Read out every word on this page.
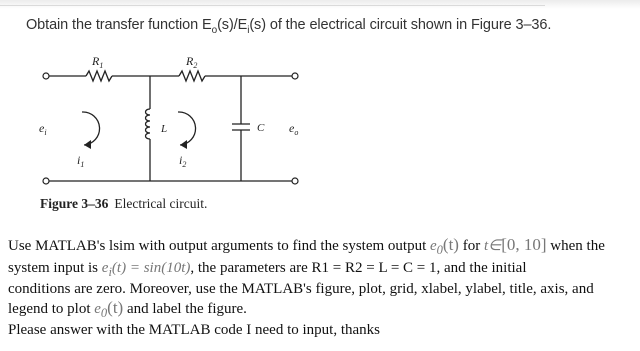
Obtain the transfer function $E_o(s)/E_i(s)$ of the electrical circuit shown in Figure 3–36.
$R_1$	$R_2$
L	C
$e_i$	$e_o$
$i_1$	$i_2$
Figure 3–36 Electrical circuit.

Use MATLAB's lsim with output arguments to find the system output $e_0(t)$ for t∈[0, 10] when the

system input is $e_i(t) = \sin(10t)$, the parameters are R1 = R2 = L = C = 1, and the initial

conditions are zero. Moreover, use the MATLAB's figure, plot, grid, xlabel, ylabel, title, axis, and

legend to plot $e_0(t)$ and label the figure.

Please answer with the MATLAB code I need to input, thanks
